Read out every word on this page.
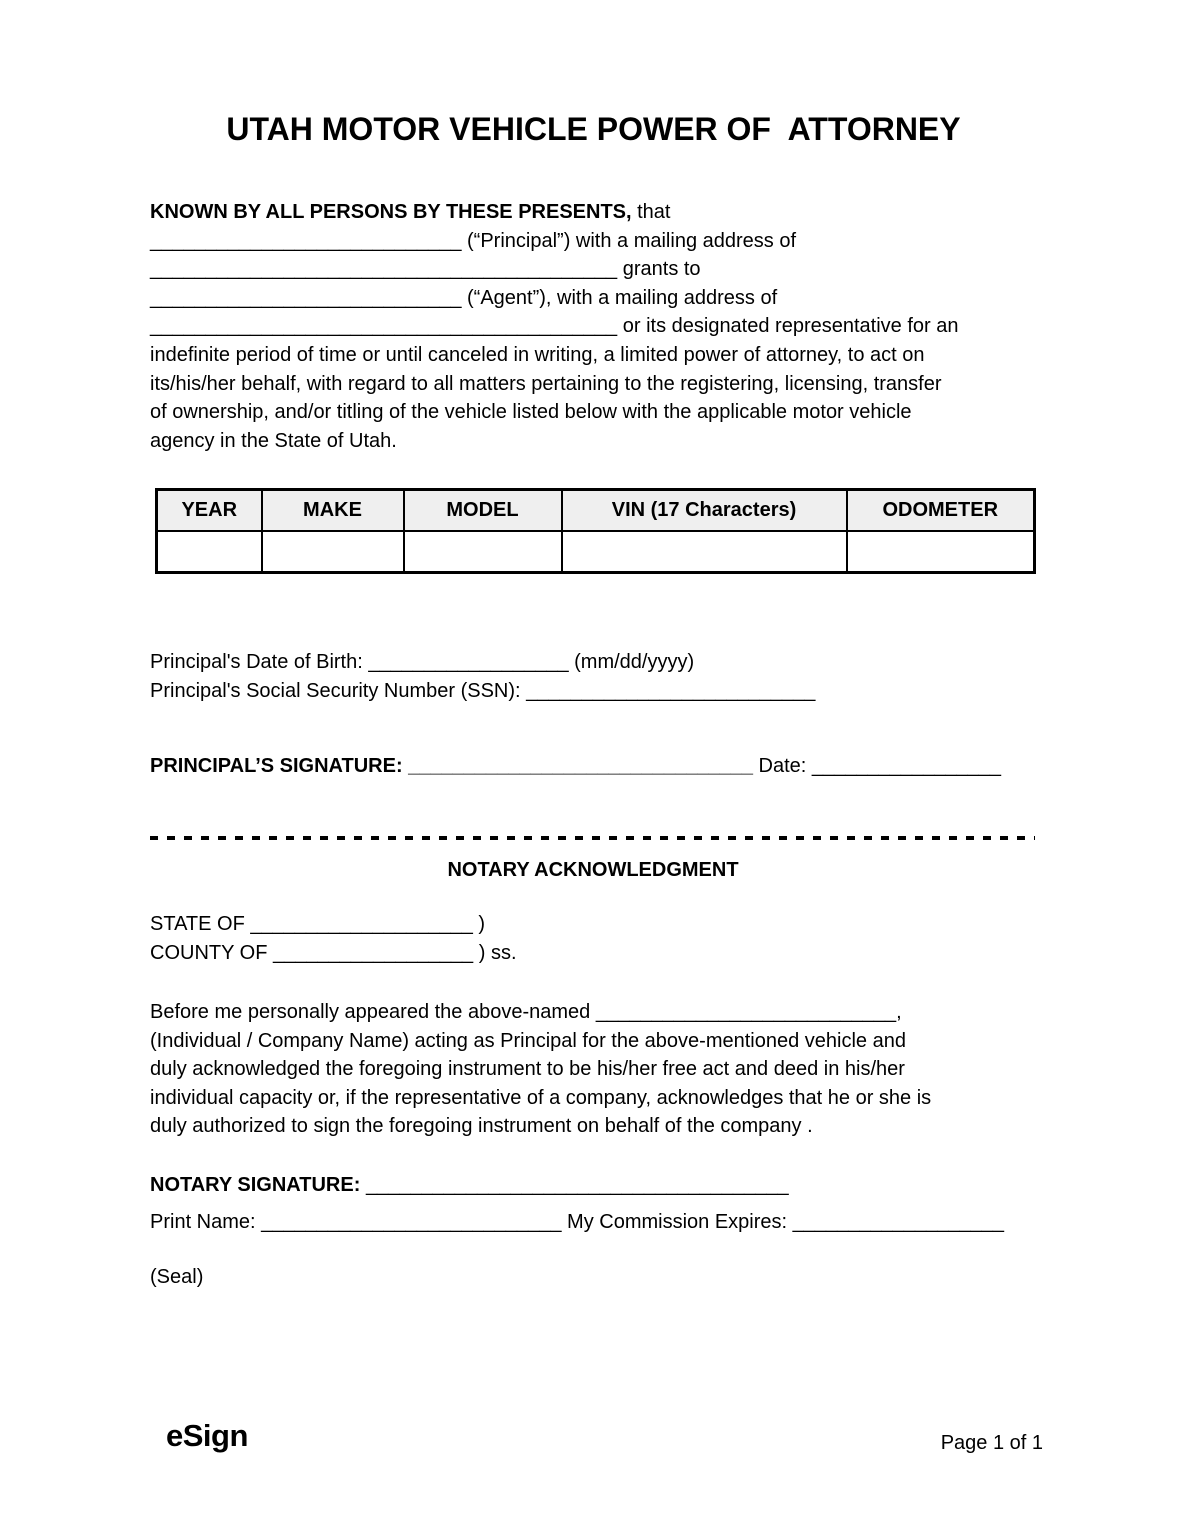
UTAH MOTOR VEHICLE POWER OF  ATTORNEY
KNOWN BY ALL PERSONS BY THESE PRESENTS, that
____________________________ (“Principal”) with a mailing address of
__________________________________________ grants to
____________________________ (“Agent”), with a mailing address of
__________________________________________ or its designated representative for an
indefinite period of time or until canceled in writing, a limited power of attorney, to act on
its/his/her behalf, with regard to all matters pertaining to the registering, licensing, transfer
of ownership, and/or titling of the vehicle listed below with the applicable motor vehicle
agency in the State of Utah.
YEAR	MAKE	MODEL	VIN (17 Characters)	ODOMETER

Principal's Date of Birth: __________________ (mm/dd/yyyy)
Principal's Social Security Number (SSN): __________________________
PRINCIPAL’S SIGNATURE: _______________________________ Date: _________________
NOTARY ACKNOWLEDGMENT
STATE OF ____________________ )
COUNTY OF __________________ ) ss.
Before me personally appeared the above-named ___________________________,
(Individual / Company Name) acting as Principal for the above-mentioned vehicle and
duly acknowledged the foregoing instrument to be his/her free act and deed in his/her
individual capacity or, if the representative of a company, acknowledges that he or she is
duly authorized to sign the foregoing instrument on behalf of the company .
NOTARY SIGNATURE: ______________________________________
Print Name: ___________________________ My Commission Expires: ___________________
(Seal)
eSign	Page 1 of 1
